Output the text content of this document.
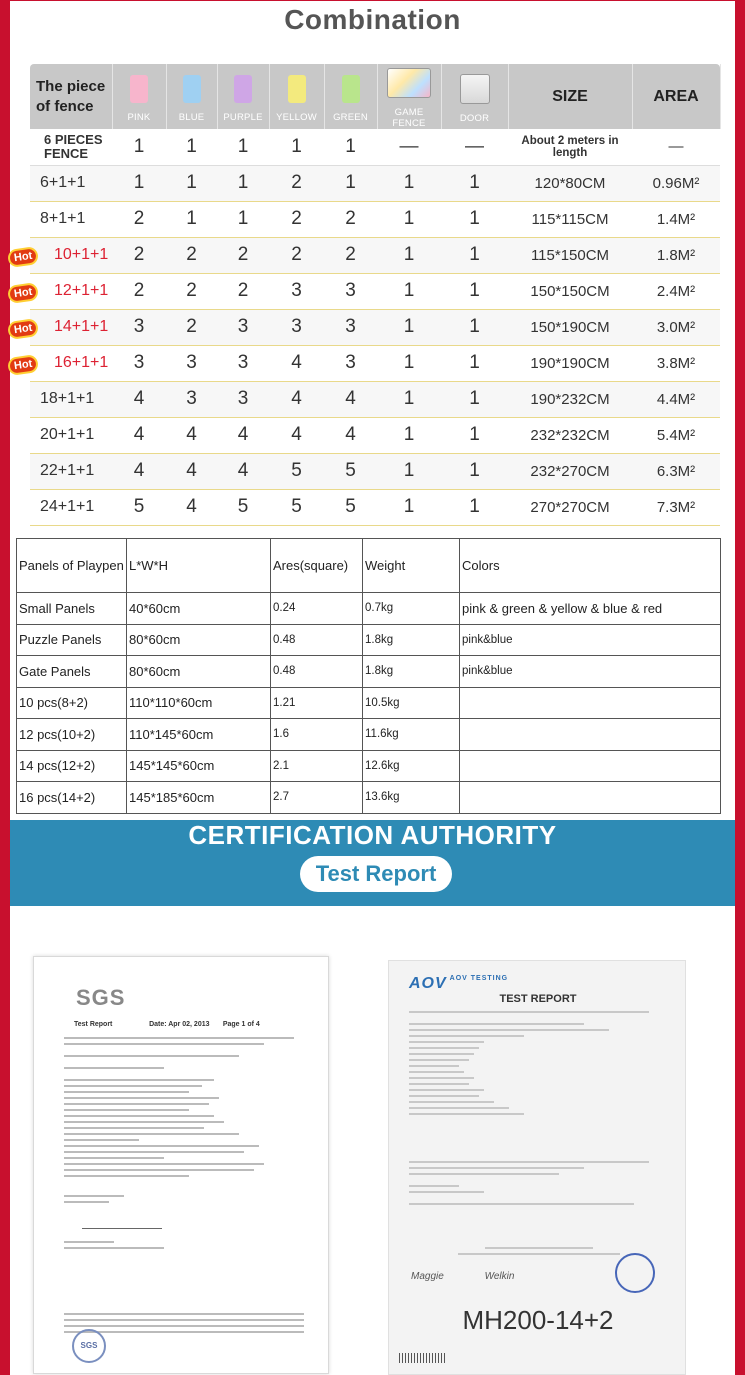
Combination
The piece
of fence	PINK	BLUE	PURPLE	YELLOW	GREEN	GAME FENCE	DOOR	SIZE	AREA
6 PIECES FENCE	1	1	1	1	1	—	—	About 2 meters in length	—
6+1+1	1	1	1	2	1	1	1	120*80CM	0.96M²
8+1+1	2	1	1	2	2	1	1	115*115CM	1.4M²

Hot 10+1+1	2	2	2	2	2	1	1	115*150CM	1.8M²

Hot 12+1+1	2	2	2	3	3	1	1	150*150CM	2.4M²

Hot 14+1+1	3	2	3	3	3	1	1	150*190CM	3.0M²

Hot 16+1+1	3	3	3	4	3	1	1	190*190CM	3.8M²
18+1+1	4	3	3	4	4	1	1	190*232CM	4.4M²
20+1+1	4	4	4	4	4	1	1	232*232CM	5.4M²
22+1+1	4	4	4	5	5	1	1	232*270CM	6.3M²
24+1+1	5	4	5	5	5	1	1	270*270CM	7.3M²
Panels of Playpen	L*W*H	Ares(square)	Weight	Colors
Small Panels	40*60cm	0.24	0.7kg	pink & green & yellow & blue & red
Puzzle Panels	80*60cm	0.48	1.8kg	pink&blue
Gate Panels	80*60cm	0.48	1.8kg	pink&blue
10 pcs(8+2)	110*110*60cm	1.21	10.5kg	
12 pcs(10+2)	110*145*60cm	1.6	11.6kg	
14 pcs(12+2)	145*145*60cm	2.1	12.6kg	
16 pcs(14+2)	145*185*60cm	2.7	13.6kg	
CERTIFICATION AUTHORITY
Test Report
SGS
Test Report	Date: Apr 02, 2013 Page 1 of 4
SGS
AOV $^{AOV TESTING}$
TEST REPORT
Maggie	Welkin
MH200-14+2
